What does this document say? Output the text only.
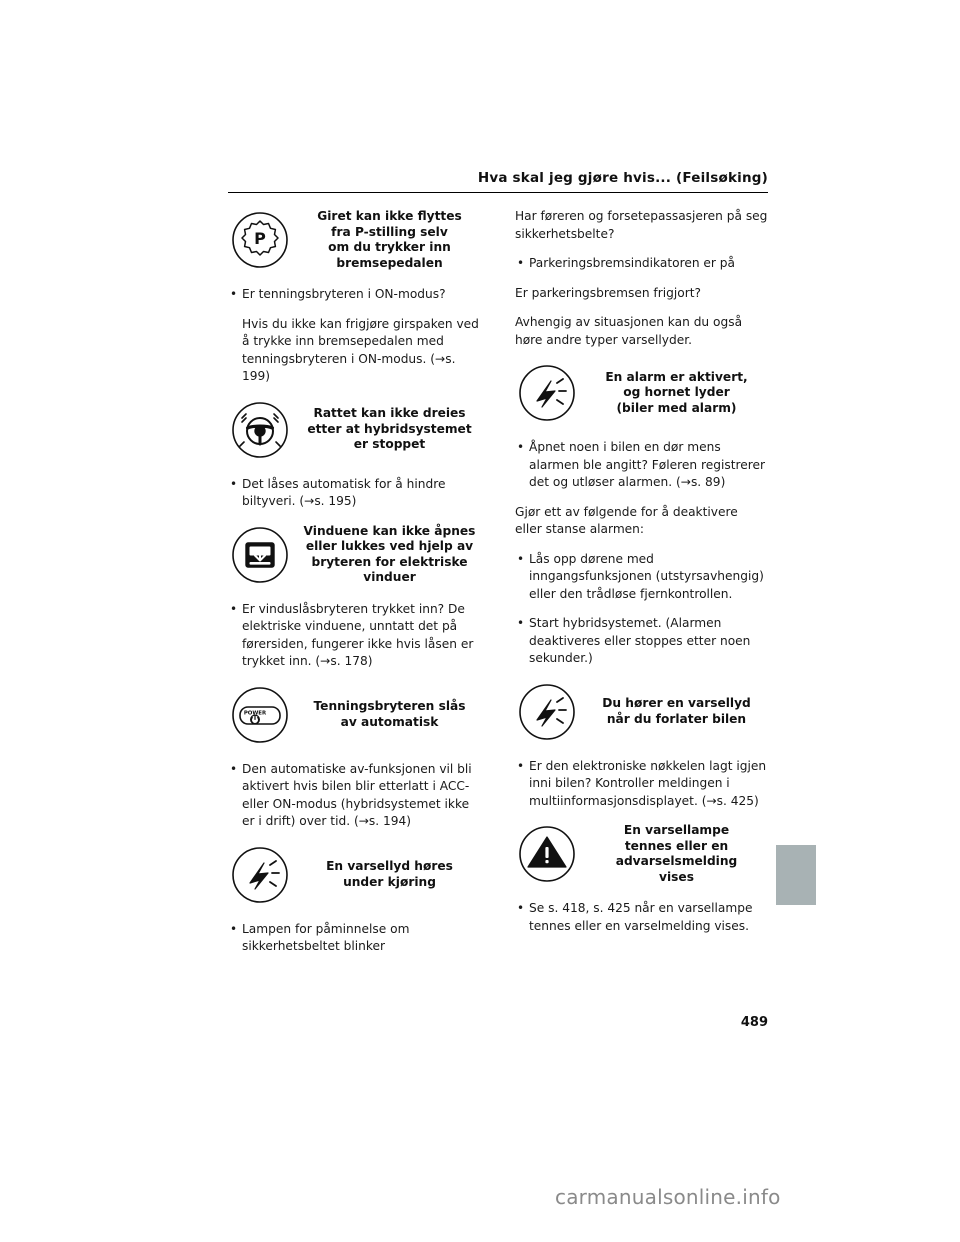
Hva skal jeg gjøre hvis... (Feilsøking)
P
Giret kan ikke flyttes
fra P-stilling selv
om du trykker inn
bremsepedalen
• Er tenningsbryteren i ON-modus?
Hvis du ikke kan frigjøre girspaken ved å trykke inn bremsepedalen med tenningsbryteren i ON-modus. (→s. 199)
Rattet kan ikke dreies
etter at hybridsystemet
er stoppet
• Det låses automatisk for å hindre biltyveri. (→s. 195)
Vinduene kan ikke åpnes
eller lukkes ved hjelp av
bryteren for elektriske
vinduer
• Er vinduslåsbryteren trykket inn? De elektriske vinduene, unntatt det på førersiden, fungerer ikke hvis låsen er trykket inn. (→s. 178)
POWER	Tenningsbryteren slås
av automatisk
• Den automatiske av-funksjonen vil bli aktivert hvis bilen blir etterlatt i ACC- eller ON-modus (hybridsystemet ikke er i drift) over tid. (→s. 194)
En varsellyd høres
under kjøring
• Lampen for påminnelse om sikkerhetsbeltet blinker
Har føreren og forsetepassasjeren på seg sikkerhetsbelte?
• Parkeringsbremsindikatoren er på
Er parkeringsbremsen frigjort?
Avhengig av situasjonen kan du også høre andre typer varsellyder.
En alarm er aktivert,
og hornet lyder
(biler med alarm)
• Åpnet noen i bilen en dør mens alarmen ble angitt? Føleren registrerer det og utløser alarmen. (→s. 89)
Gjør ett av følgende for å deaktivere eller stanse alarmen:
• Lås opp dørene med inngangsfunksjonen (utstyrsavhengig) eller den trådløse fjernkontrollen.
• Start hybridsystemet. (Alarmen deaktiveres eller stoppes etter noen sekunder.)
Du hører en varsellyd
når du forlater bilen
• Er den elektroniske nøkkelen lagt igjen inni bilen? Kontroller meldingen i multiinformasjonsdisplayet. (→s. 425)
En varsellampe
tennes eller en
advarselsmelding
vises
• Se s. 418, s. 425 når en varsellampe tennes eller en varselmelding vises.
489
carmanualsonline.info
